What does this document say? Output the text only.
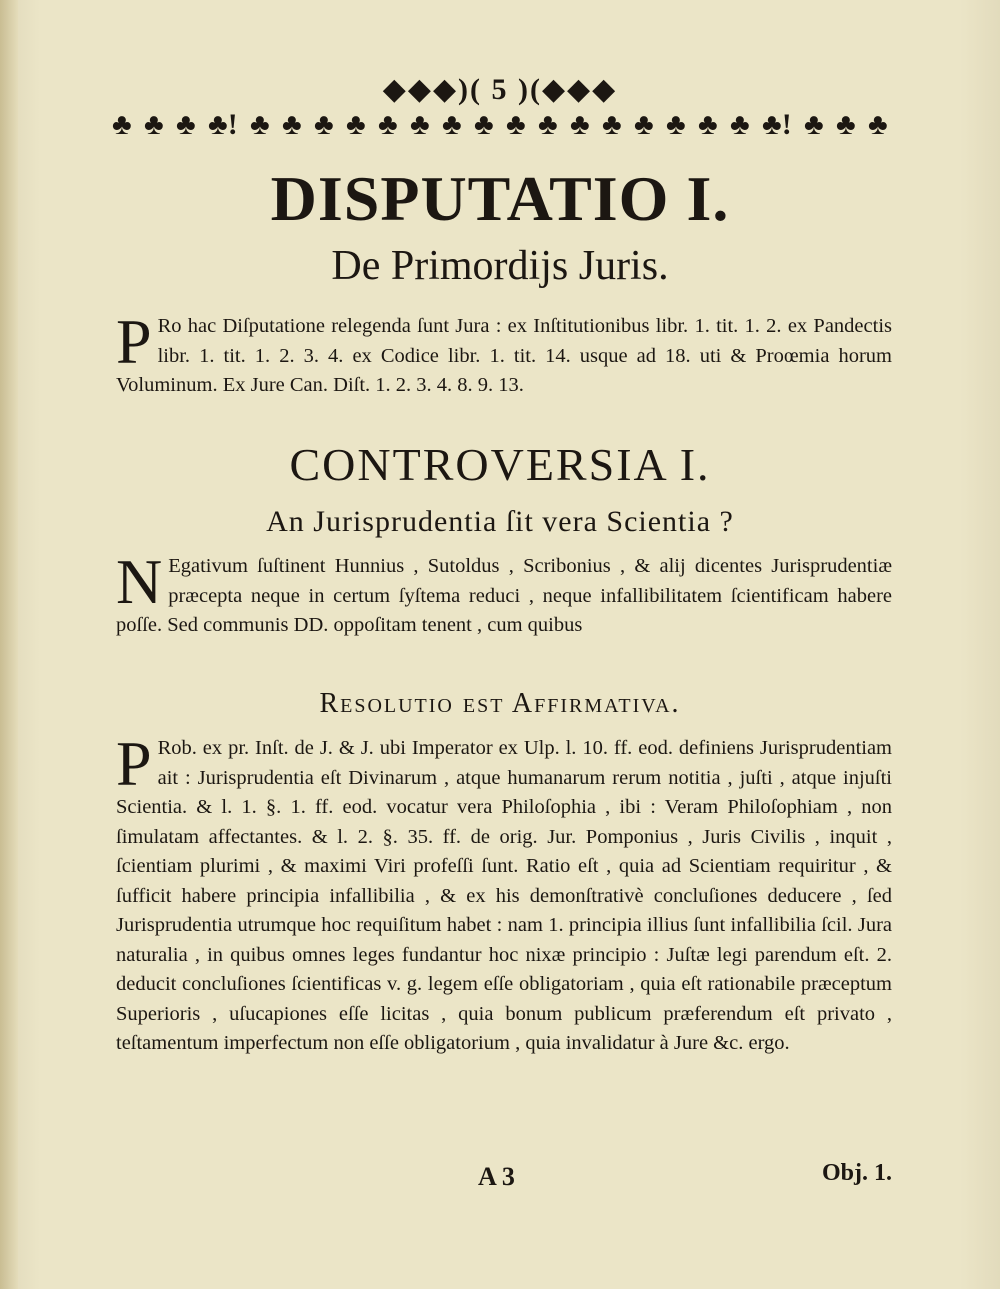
◆◆◆)( 5 )(◆◆◆
♣ ♣ ♣ ♣! ♣ ♣ ♣ ♣ ♣ ♣ ♣ ♣ ♣ ♣ ♣ ♣ ♣ ♣ ♣ ♣ ♣! ♣ ♣ ♣
DISPUTATIO I.
De Primordijs Juris.
P Ro hac Diſputatione relegenda ſunt Jura : ex Inſtitutionibus libr. 1. tit. 1. 2. ex Pandectis libr. 1. tit. 1. 2. 3. 4. ex Codice libr. 1. tit. 14. usque ad 18. uti & Proœmia horum Voluminum. Ex Jure Can. Diſt. 1. 2. 3. 4. 8. 9. 13.
CONTROVERSIA I.
An Jurisprudentia ſit vera Scientia ?
N Egativum ſuſtinent Hunnius , Sutoldus , Scribonius , & alij dicentes Jurisprudentiæ præcepta neque in certum ſyſtema reduci , neque infallibilitatem ſcientificam habere poſſe. Sed communis DD. oppoſitam tenent , cum quibus
Resolutio est Affirmativa.
P Rob. ex pr. Inſt. de J. & J. ubi Imperator ex Ulp. l. 10. ff. eod. definiens Jurisprudentiam ait : Jurisprudentia eſt Divinarum , atque humanarum rerum notitia , juſti , atque injuſti Scientia. & l. 1. §. 1. ff. eod. vocatur vera Philoſophia , ibi : Veram Philoſophiam , non ſimulatam affectantes. & l. 2. §. 35. ff. de orig. Jur. Pomponius , Juris Civilis , inquit , ſcientiam plurimi , & maximi Viri profeſſi ſunt. Ratio eſt , quia ad Scientiam requiritur , & ſufficit habere principia infallibilia , & ex his demonſtrativè concluſiones deducere , ſed Jurisprudentia utrumque hoc requiſitum habet : nam 1. principia illius ſunt infallibilia ſcil. Jura naturalia , in quibus omnes leges fundantur hoc nixæ principio : Juſtæ legi parendum eſt. 2. deducit concluſiones ſcientificas v. g. legem eſſe obligatoriam , quia eſt rationabile præceptum Superioris , uſucapiones eſſe licitas , quia bonum publicum præferendum eſt privato , teſtamentum imperfectum non eſſe obligatorium , quia invalidatur à Jure &c. ergo.
A 3	Obj. 1.
